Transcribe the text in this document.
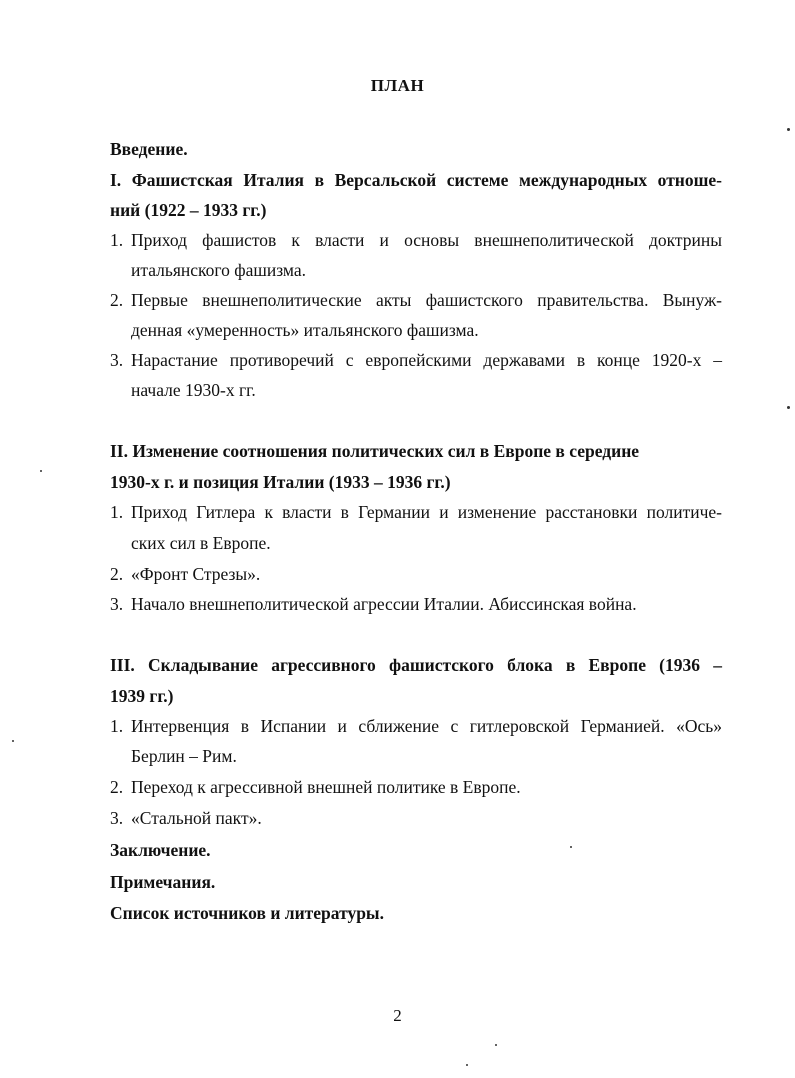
ПЛАН
Введение.
I. Фашистская Италия в Версальской системе международных отноше-
ний (1922 – 1933 гг.)
1. Приход фашистов к власти и основы внешнеполитической доктрины
итальянского фашизма.
2. Первые внешнеполитические акты фашистского правительства. Вынуж-
денная «умеренность» итальянского фашизма.
3. Нарастание противоречий с европейскими державами в конце 1920-х –
начале 1930-х гг.
II. Изменение соотношения политических сил в Европе в середине
1930-х г. и позиция Италии (1933 – 1936 гг.)
1. Приход Гитлера к власти в Германии и изменение расстановки политиче-
ских сил в Европе.
2. «Фронт Стрезы».
3. Начало внешнеполитической агрессии Италии. Абиссинская война.
III. Складывание агрессивного фашистского блока в Европе (1936 –
1939 гг.)
1. Интервенция в Испании и сближение с гитлеровской Германией. «Ось»
Берлин – Рим.
2. Переход к агрессивной внешней политике в Европе.
3. «Стальной пакт».
Заключение.
Примечания.
Список источников и литературы.
2
